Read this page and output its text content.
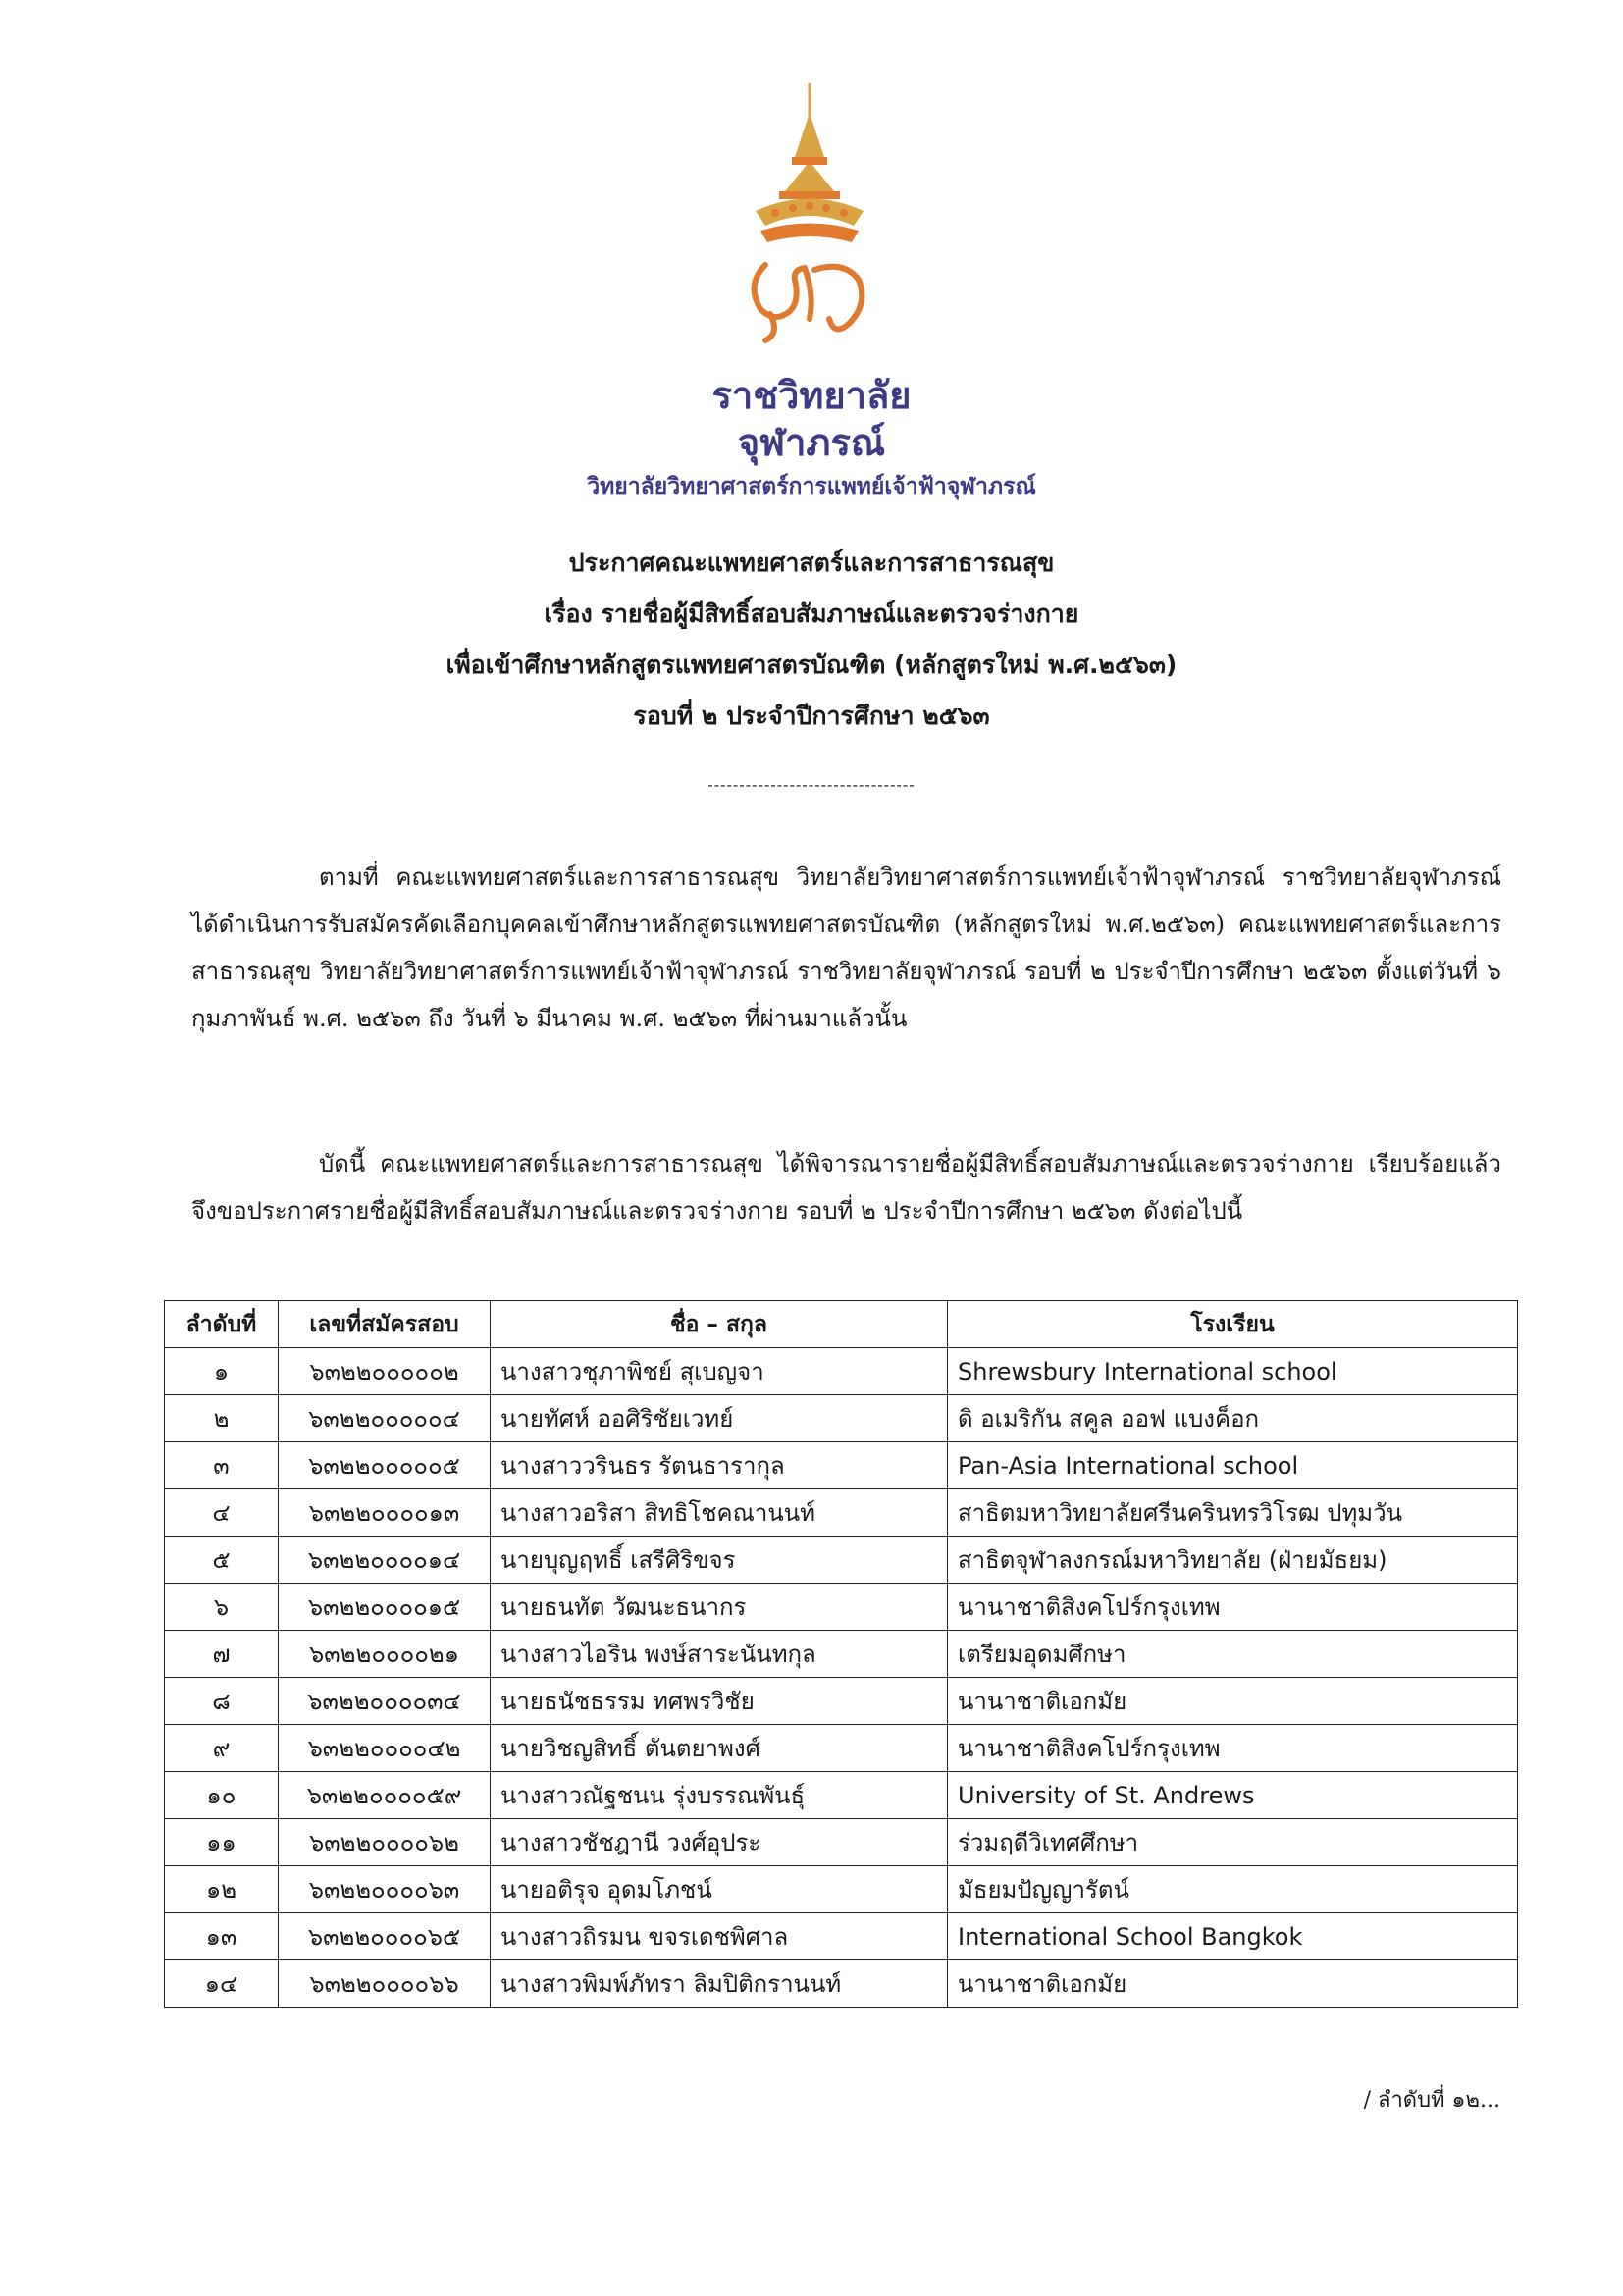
ราชวิทยาลัย
จุฬาภรณ์
วิทยาลัยวิทยาศาสตร์การแพทย์เจ้าฟ้าจุฬาภรณ์
ประกาศคณะแพทยศาสตร์และการสาธารณสุข
เรื่อง รายชื่อผู้มีสิทธิ์สอบสัมภาษณ์และตรวจร่างกาย
เพื่อเข้าศึกษาหลักสูตรแพทยศาสตรบัณฑิต (หลักสูตรใหม่ พ.ศ.๒๕๖๓)
รอบที่ ๒ ประจำปีการศึกษา ๒๕๖๓
---------------------------------
ตามที่ คณะแพทยศาสตร์และการสาธารณสุข วิทยาลัยวิทยาศาสตร์การแพทย์เจ้าฟ้าจุฬาภรณ์ ราชวิทยาลัยจุฬาภรณ์ ได้ดำเนินการรับสมัครคัดเลือกบุคคลเข้าศึกษาหลักสูตรแพทยศาสตรบัณฑิต (หลักสูตรใหม่ พ.ศ.๒๕๖๓) คณะแพทยศาสตร์และการสาธารณสุข วิทยาลัยวิทยาศาสตร์การแพทย์เจ้าฟ้าจุฬาภรณ์ ราชวิทยาลัยจุฬาภรณ์ รอบที่ ๒ ประจำปีการศึกษา ๒๕๖๓ ตั้งแต่วันที่ ๖ กุมภาพันธ์ พ.ศ. ๒๕๖๓ ถึง วันที่ ๖ มีนาคม พ.ศ. ๒๕๖๓ ที่ผ่านมาแล้วนั้น
บัดนี้ คณะแพทยศาสตร์และการสาธารณสุข ได้พิจารณารายชื่อผู้มีสิทธิ์สอบสัมภาษณ์และตรวจร่างกาย เรียบร้อยแล้ว จึงขอประกาศรายชื่อผู้มีสิทธิ์สอบสัมภาษณ์และตรวจร่างกาย รอบที่ ๒ ประจำปีการศึกษา ๒๕๖๓ ดังต่อไปนี้
ลำดับที่	เลขที่สมัครสอบ	ชื่อ – สกุล	โรงเรียน
๑	๖๓๒๒๐๐๐๐๐๒	นางสาวชุภาพิชย์ สุเบญจา	Shrewsbury International school
๒	๖๓๒๒๐๐๐๐๐๔	นายทัศห์ ออศิริชัยเวทย์	ดิ อเมริกัน สคูล ออฟ แบงค็อก
๓	๖๓๒๒๐๐๐๐๐๕	นางสาววรินธร รัตนธารากุล	Pan-Asia International school
๔	๖๓๒๒๐๐๐๐๑๓	นางสาวอริสา สิทธิโชคณานนท์	สาธิตมหาวิทยาลัยศรีนครินทรวิโรฒ ปทุมวัน
๕	๖๓๒๒๐๐๐๐๑๔	นายบุญฤทธิ์ เสรีศิริขจร	สาธิตจุฬาลงกรณ์มหาวิทยาลัย (ฝ่ายมัธยม)
๖	๖๓๒๒๐๐๐๐๑๕	นายธนทัต วัฒนะธนากร	นานาชาติสิงคโปร์กรุงเทพ
๗	๖๓๒๒๐๐๐๐๒๑	นางสาวไอริน พงษ์สาระนันทกุล	เตรียมอุดมศึกษา
๘	๖๓๒๒๐๐๐๐๓๔	นายธนัชธรรม ทศพรวิชัย	นานาชาติเอกมัย
๙	๖๓๒๒๐๐๐๐๔๒	นายวิชญสิทธิ์ ตันตยาพงศ์	นานาชาติสิงคโปร์กรุงเทพ
๑๐	๖๓๒๒๐๐๐๐๕๙	นางสาวณัฐชนน รุ่งบรรณพันธุ์	University of St. Andrews
๑๑	๖๓๒๒๐๐๐๐๖๒	นางสาวชัชฎานี วงศ์อุประ	ร่วมฤดีวิเทศศึกษา
๑๒	๖๓๒๒๐๐๐๐๖๓	นายอติรุจ อุดมโภชน์	มัธยมปัญญารัตน์
๑๓	๖๓๒๒๐๐๐๐๖๕	นางสาวถิรมน ขจรเดชพิศาล	International School Bangkok
๑๔	๖๓๒๒๐๐๐๐๖๖	นางสาวพิมพ์ภัทรา ลิมปิติกรานนท์	นานาชาติเอกมัย
/ ลำดับที่ ๑๒...
